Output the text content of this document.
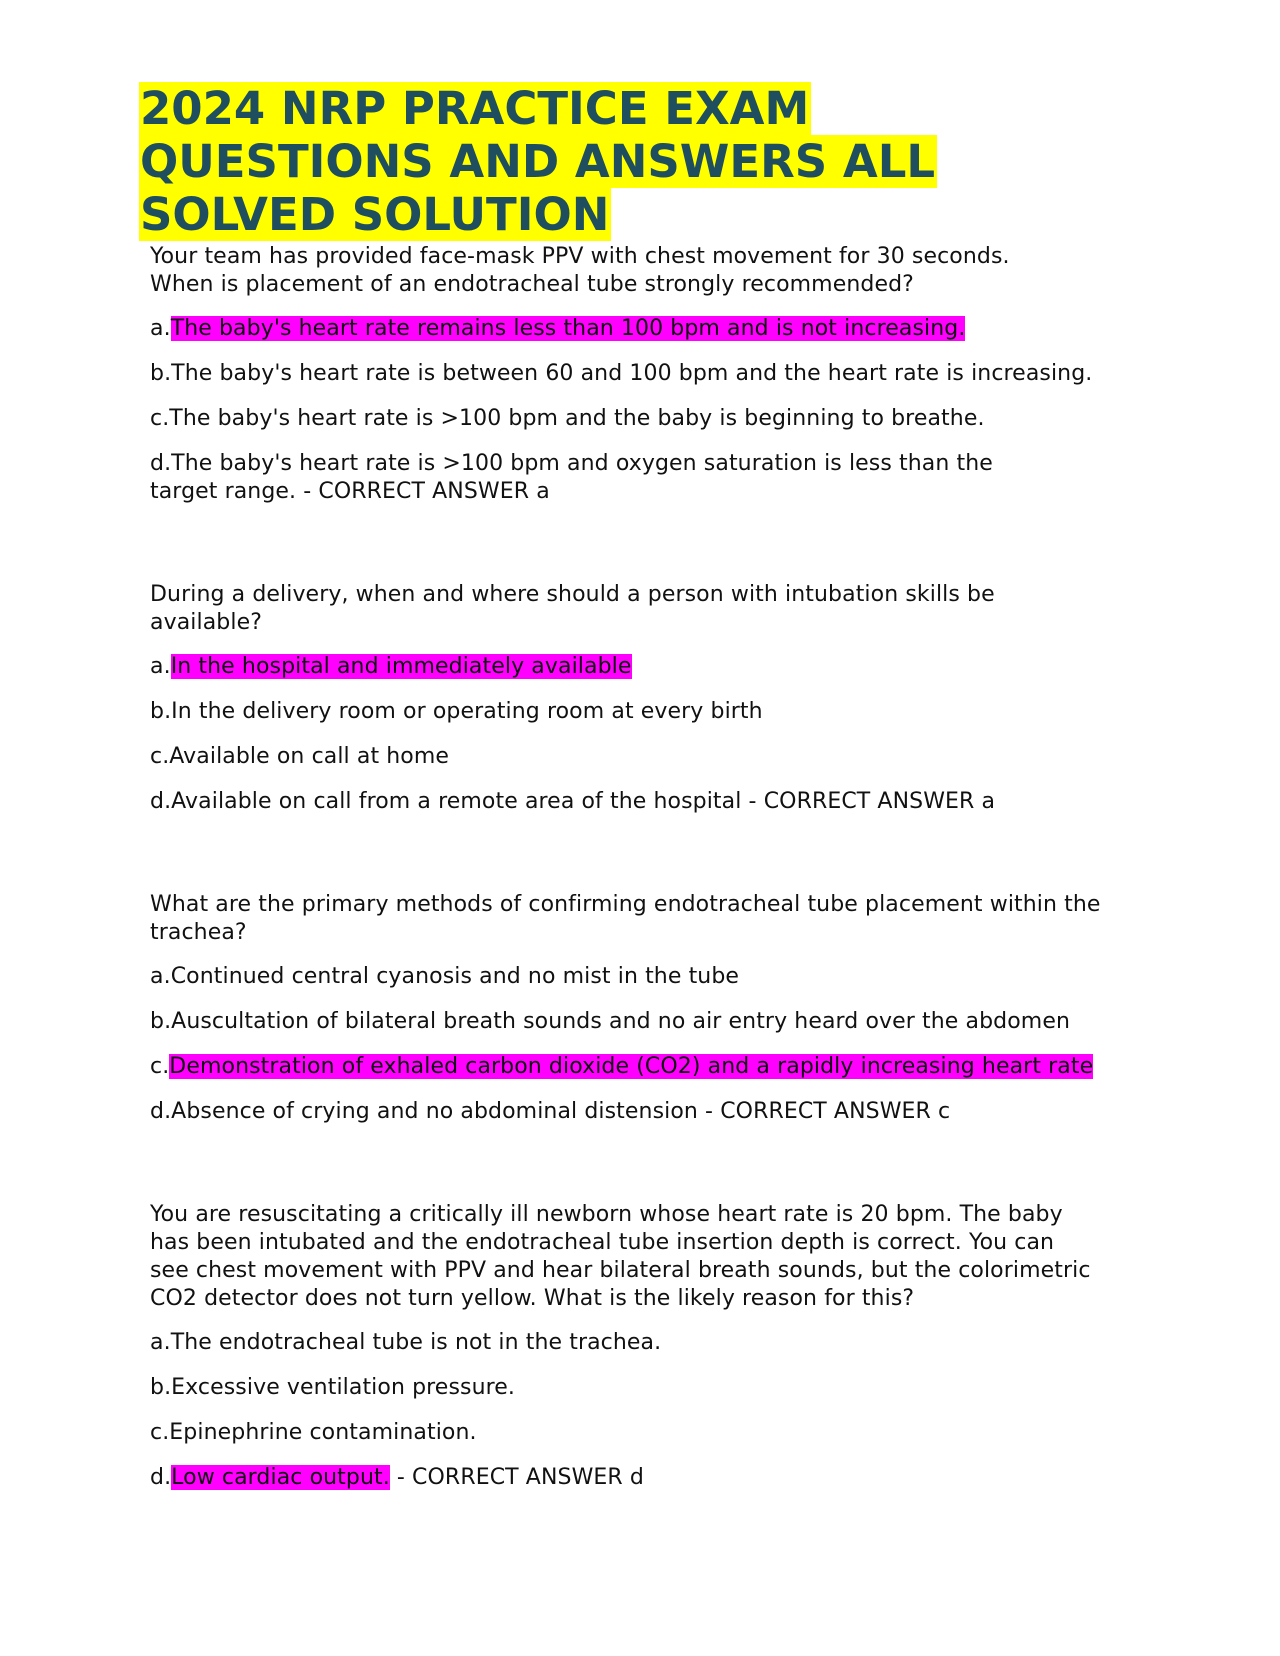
2024 NRP PRACTICE EXAM
QUESTIONS AND ANSWERS ALL
SOLVED SOLUTION

Your team has provided face-mask PPV with chest movement for 30 seconds. When is placement of an endotracheal tube strongly recommended?

a.The baby's heart rate remains less than 100 bpm and is not increasing.

b.The baby's heart rate is between 60 and 100 bpm and the heart rate is increasing.

c.The baby's heart rate is >100 bpm and the baby is beginning to breathe.

d.The baby's heart rate is >100 bpm and oxygen saturation is less than the target range. - CORRECT ANSWER a

During a delivery, when and where should a person with intubation skills be available?

a.In the hospital and immediately available

b.In the delivery room or operating room at every birth

c.Available on call at home

d.Available on call from a remote area of the hospital - CORRECT ANSWER a

What are the primary methods of confirming endotracheal tube placement within the trachea?

a.Continued central cyanosis and no mist in the tube

b.Auscultation of bilateral breath sounds and no air entry heard over the abdomen

c.Demonstration of exhaled carbon dioxide (CO2) and a rapidly increasing heart rate

d.Absence of crying and no abdominal distension - CORRECT ANSWER c

You are resuscitating a critically ill newborn whose heart rate is 20 bpm. The baby has been intubated and the endotracheal tube insertion depth is correct. You can see chest movement with PPV and hear bilateral breath sounds, but the colorimetric CO2 detector does not turn yellow. What is the likely reason for this?

a.The endotracheal tube is not in the trachea.

b.Excessive ventilation pressure.

c.Epinephrine contamination.

d.Low cardiac output. - CORRECT ANSWER d
